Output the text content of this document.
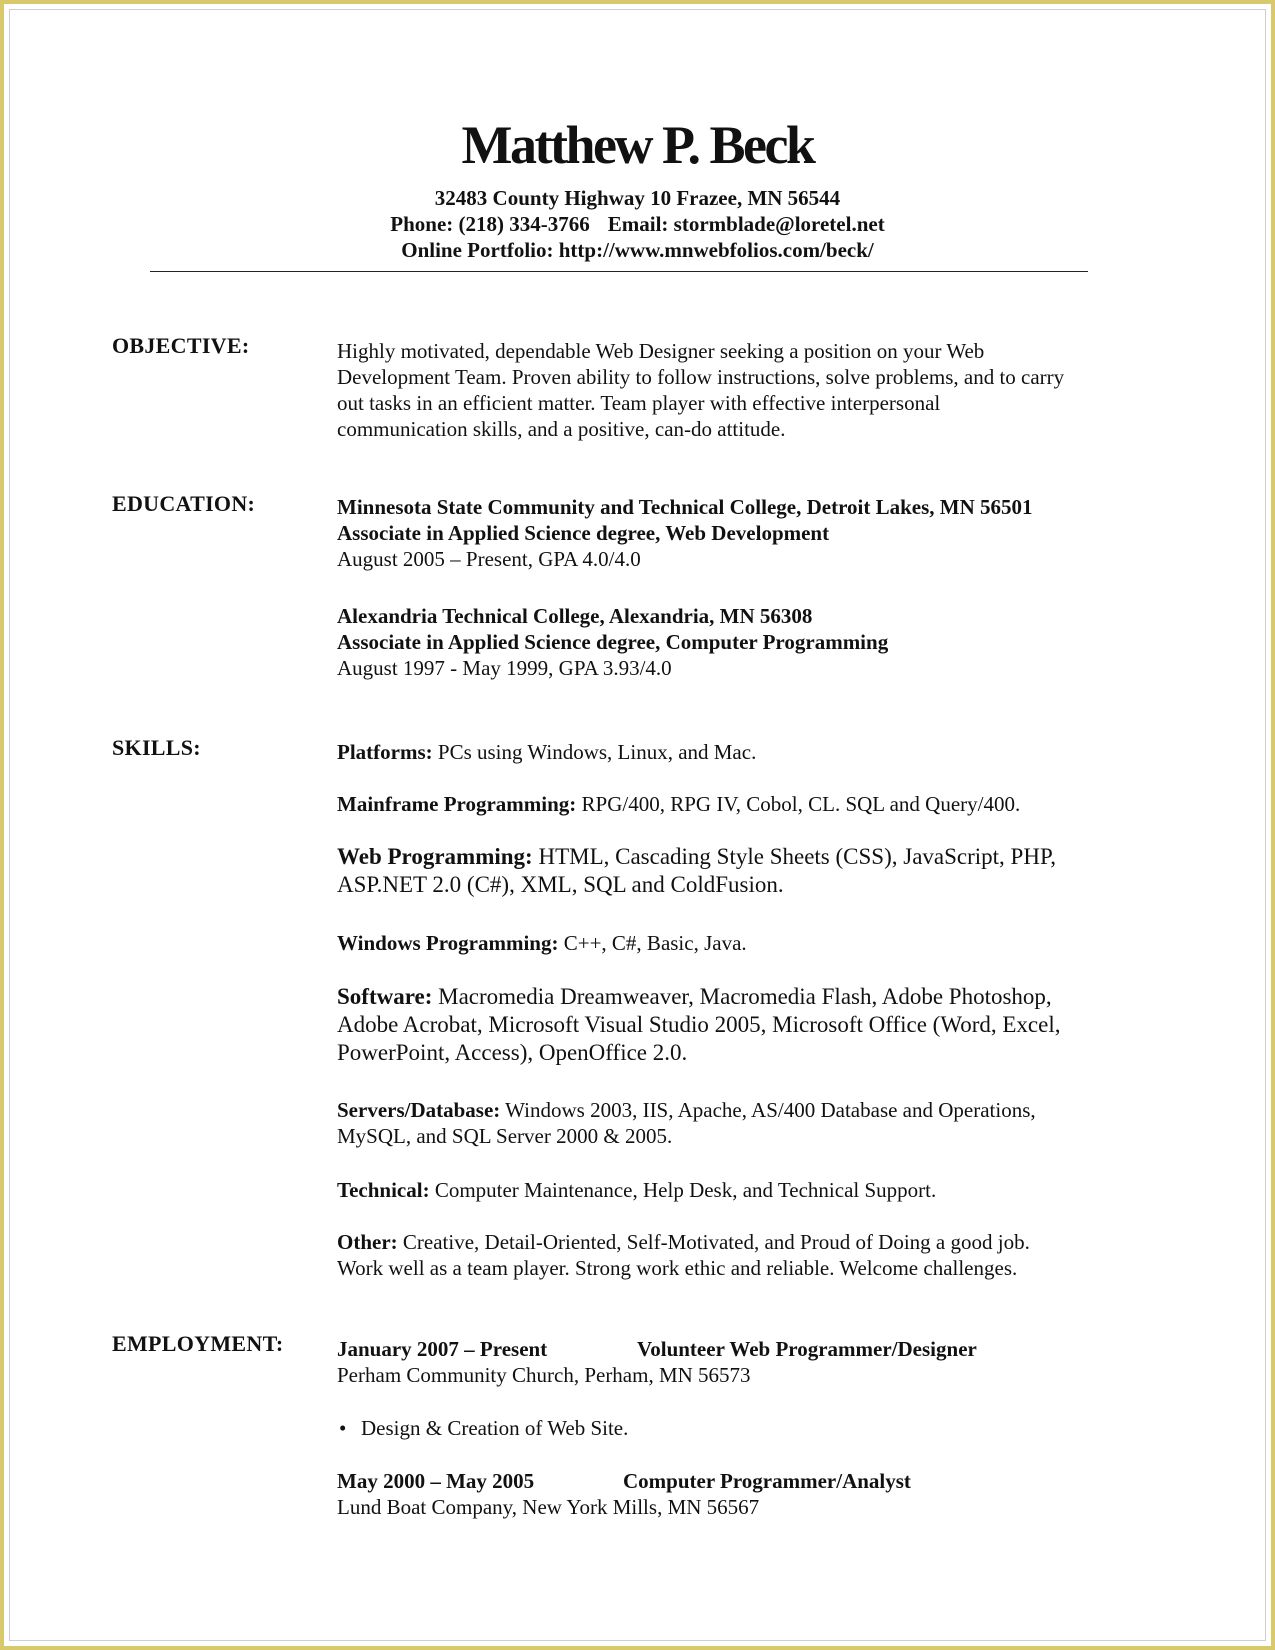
Matthew P. Beck
32483 County Highway 10 Frazee, MN 56544
Phone: (218) 334-3766 Email: stormblade@loretel.net
Online Portfolio: http://www.mnwebfolios.com/beck/
OBJECTIVE:	Highly motivated, dependable Web Designer seeking a position on your Web

Development Team. Proven ability to follow instructions, solve problems, and to carry

out tasks in an efficient matter. Team player with effective interpersonal

communication skills, and a positive, can-do attitude.

EDUCATION:	Minnesota State Community and Technical College, Detroit Lakes, MN 56501

Associate in Applied Science degree, Web Development

August 2005 – Present, GPA 4.0/4.0

Alexandria Technical College, Alexandria, MN 56308

Associate in Applied Science degree, Computer Programming

August 1997 - May 1999, GPA 3.93/4.0

SKILLS:	Platforms: PCs using Windows, Linux, and Mac.

Mainframe Programming: RPG/400, RPG IV, Cobol, CL. SQL and Query/400.

Web Programming: HTML, Cascading Style Sheets (CSS), JavaScript, PHP,

ASP.NET 2.0 (C#), XML, SQL and ColdFusion.

Windows Programming: C++, C#, Basic, Java.

Software: Macromedia Dreamweaver, Macromedia Flash, Adobe Photoshop,

Adobe Acrobat, Microsoft Visual Studio 2005, Microsoft Office (Word, Excel,

PowerPoint, Access), OpenOffice 2.0.

Servers/Database: Windows 2003, IIS, Apache, AS/400 Database and Operations,

MySQL, and SQL Server 2000 & 2005.

Technical: Computer Maintenance, Help Desk, and Technical Support.

Other: Creative, Detail-Oriented, Self-Motivated, and Proud of Doing a good job.

Work well as a team player. Strong work ethic and reliable. Welcome challenges.

EMPLOYMENT:	January 2007 – Present	Volunteer Web Programmer/Designer

Perham Community Church, Perham, MN 56573

• Design & Creation of Web Site.

May 2000 – May 2005	Computer Programmer/Analyst

Lund Boat Company, New York Mills, MN 56567
